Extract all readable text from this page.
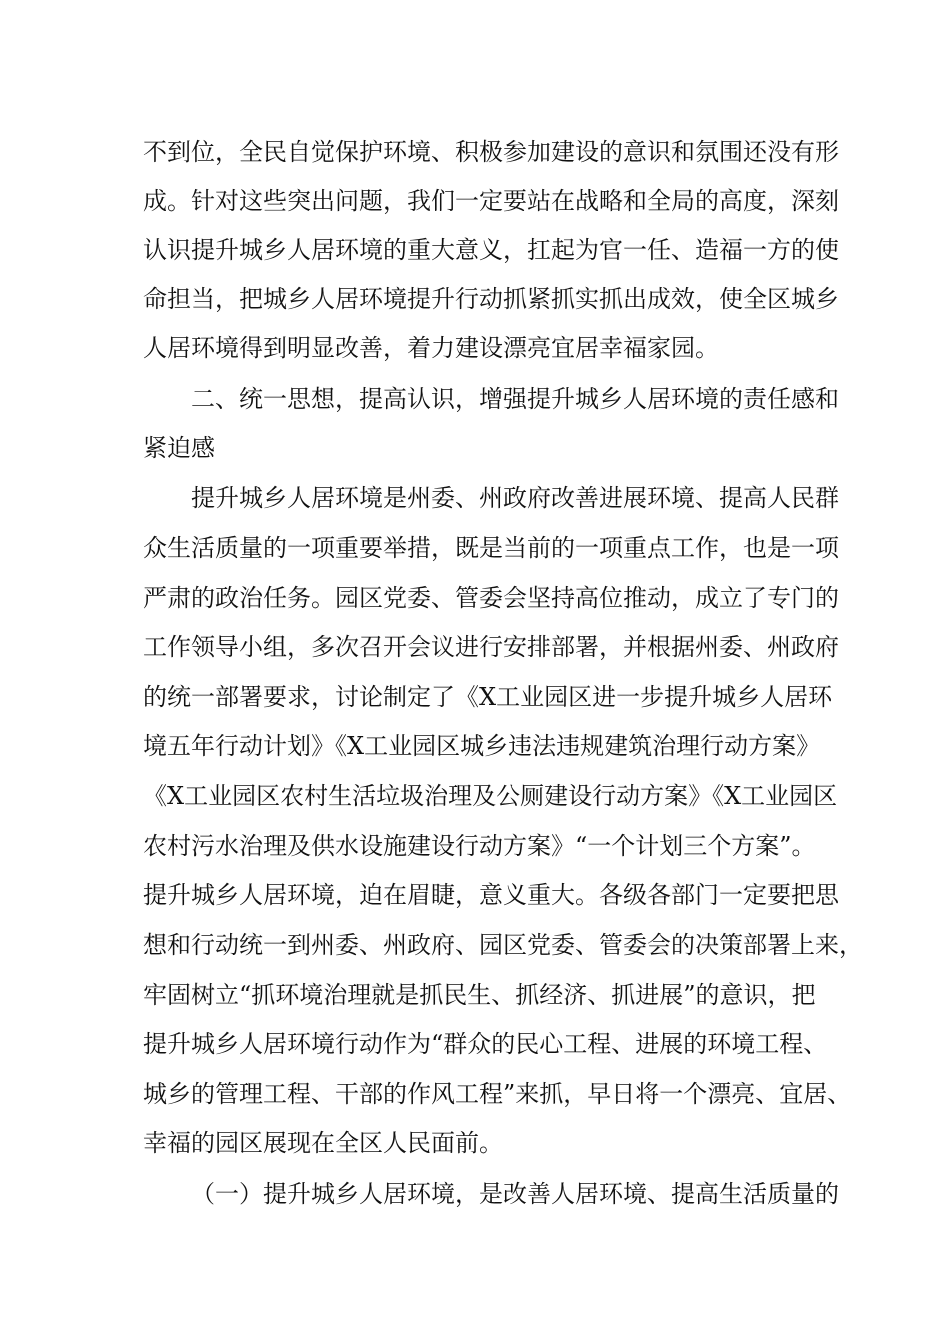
不到位，全民自觉保护环境、积极参加建设的意识和氛围还没有形
成。针对这些突出问题，我们一定要站在战略和全局的高度，深刻
认识提升城乡人居环境的重大意义，扛起为官一任、造福一方的使
命担当，把城乡人居环境提升行动抓紧抓实抓出成效，使全区城乡
人居环境得到明显改善，着力建设漂亮宜居幸福家园。
二、统一思想，提高认识，增强提升城乡人居环境的责任感和
紧迫感
提升城乡人居环境是州委、州政府改善进展环境、提高人民群
众生活质量的一项重要举措，既是当前的一项重点工作，也是一项
严肃的政治任务。园区党委、管委会坚持高位推动，成立了专门的
工作领导小组，多次召开会议进行安排部署，并根据州委、州政府
的统一部署要求，讨论制定了《X工业园区进一步提升城乡人居环
境五年行动计划》《X工业园区城乡违法违规建筑治理行动方案》
《X工业园区农村生活垃圾治理及公厕建设行动方案》《X工业园区
农村污水治理及供水设施建设行动方案》“一个计划三个方案”。
提升城乡人居环境，迫在眉睫，意义重大。各级各部门一定要把思
想和行动统一到州委、州政府、园区党委、管委会的决策部署上来，
牢固树立“抓环境治理就是抓民生、抓经济、抓进展”的意识，把
提升城乡人居环境行动作为“群众的民心工程、进展的环境工程、
城乡的管理工程、干部的作风工程”来抓，早日将一个漂亮、宜居、
幸福的园区展现在全区人民面前。
（一）提升城乡人居环境，是改善人居环境、提高生活质量的
